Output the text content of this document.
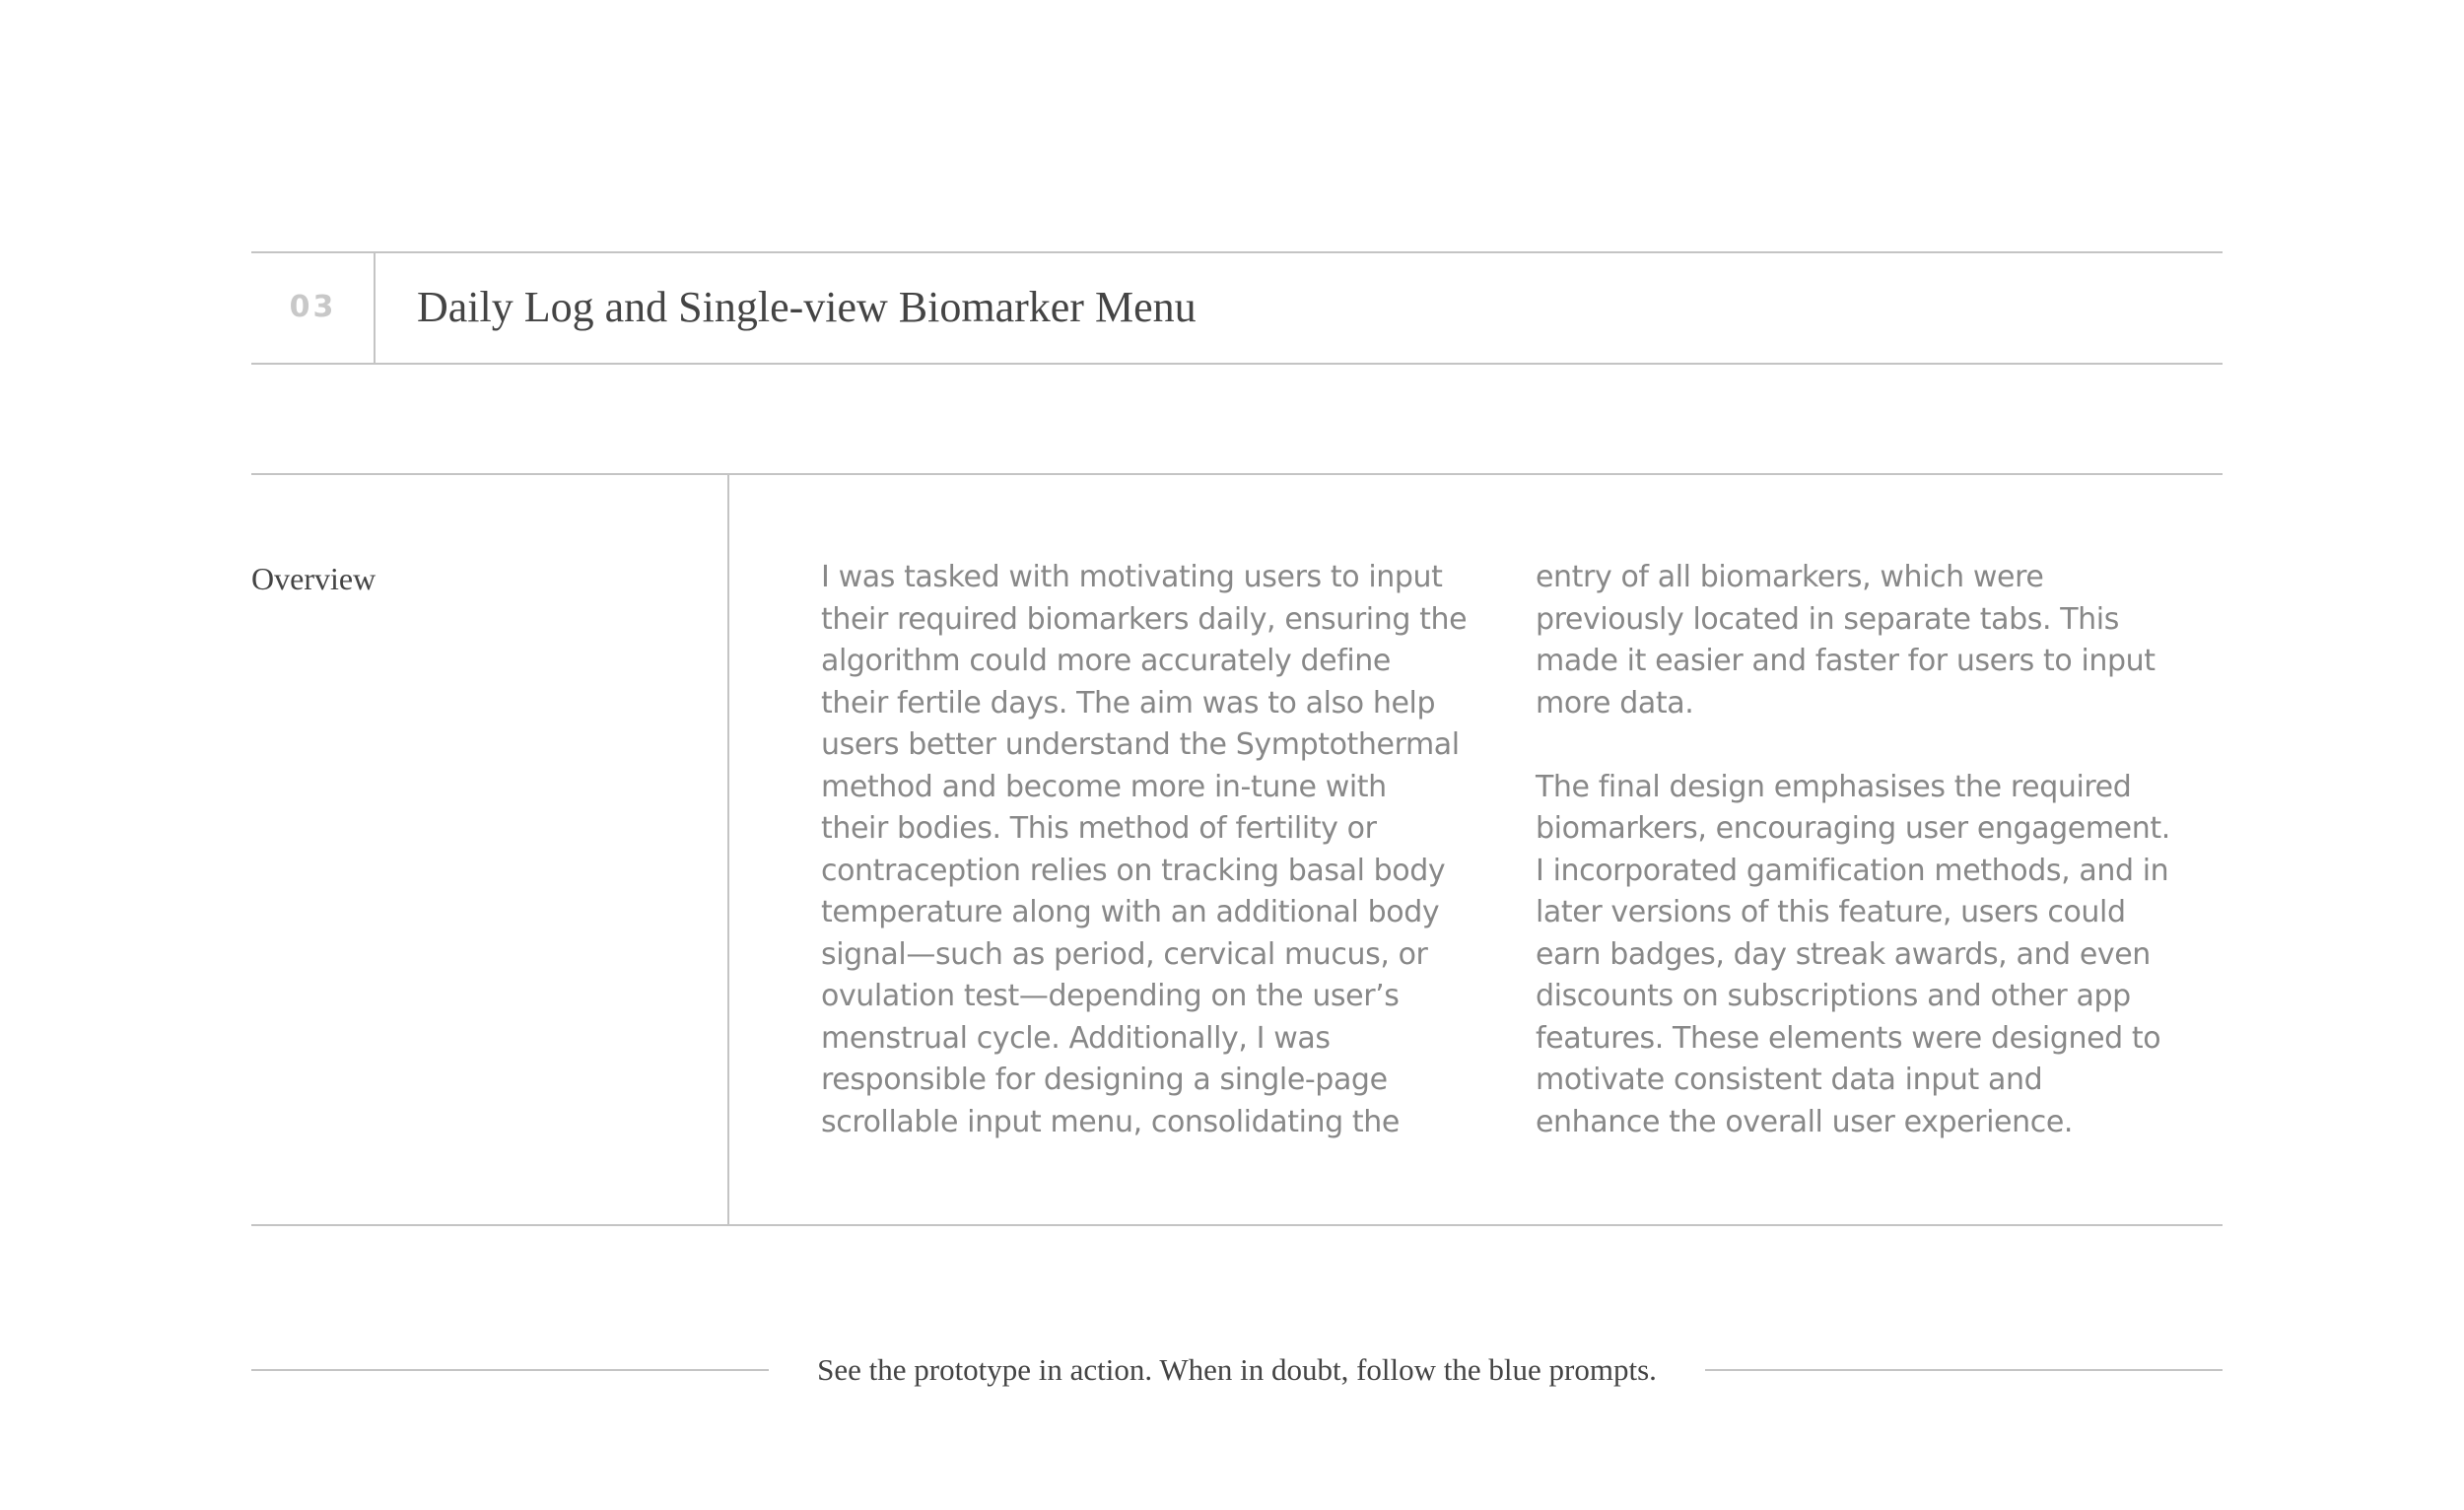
03	Daily Log and Single-view Biomarker Menu
Overview	I was tasked with motivating users to input
their required biomarkers daily, ensuring the
algorithm could more accurately define
their fertile days. The aim was to also help
users better understand the Symptothermal
method and become more in-tune with
their bodies. This method of fertility or
contraception relies on tracking basal body
temperature along with an additional body
signal—such as period, cervical mucus, or
ovulation test—depending on the user’s
menstrual cycle. Additionally, I was
responsible for designing a single-page
scrollable input menu, consolidating the
entry of all biomarkers, which were
previously located in separate tabs. This
made it easier and faster for users to input
more data.
The final design emphasises the required
biomarkers, encouraging user engagement.
I incorporated gamification methods, and in
later versions of this feature, users could
earn badges, day streak awards, and even
discounts on subscriptions and other app
features. These elements were designed to
motivate consistent data input and
enhance the overall user experience.
See the prototype in action. When in doubt, follow the blue prompts.
